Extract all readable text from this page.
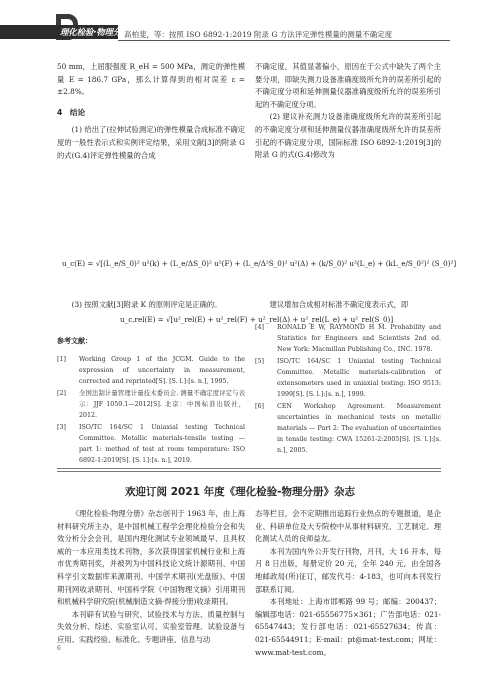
理化检验·物理分册
高柏斐，等：按照 ISO 6892-1:2019 附录 G 方法评定弹性模量的测量不确定度

50 mm，上屈服强度 R_eH = 500 MPa，测定的弹性模量 E = 186.7 GPa，那么计算得到的相对误差 ε = ±2.8%。

4　结论

(1) 给出了(拉伸试验测定)的弹性模量合成标准不确定度的一般性表示式和实例评定结果，采用文献[3]的附录 G 的式(G.4)评定弹性模量的合成

不确定度，其值显著偏小，原因在于公式中缺失了两个主要分项，即缺失测力设备准确度级所允许的误差所引起的不确定度分项和延伸测量仪器准确度级所允许的误差所引起的不确定度分项。

(2) 建议补充测力设备准确度级所允许的误差所引起的不确定度分项和延伸测量仪器准确度级所允许的误差所引起的不确定度分项，国际标准 ISO 6892-1:2019[3]的附录 G 的式(G.4)修改为

u_c(E) = √[(L_e/S_0)² u²(k) + (L_e/ΔS_0)² u²(F) + (L_e/Δ²S_0)² u²(Δ) + (k/S_0)² u²(L_e) + (kL_e/S_0²)² (S_0)²]

(3) 按照文献[3]附录 K 的原则评定是正确的。	建议增加合成相对标准不确定度表示式，即

u_c,rel(E) = √[u²_rel(E) + u²_rel(F) + u²_rel(Δ) + u²_rel(L_e) + u²_rel(S_0)]
参考文献：
[1]	Working Group 1 of the JCGM. Guide to the expression of uncertainty in measurement, corrected and reprinted[S]. [S. l.]:[s. n.], 1995.
[2]	全国法制计量管理计量技术委员会. 测量不确定度评定与表示：JJF 1059.1—2012[S]. 北京：中国标准出版社，2012.
[3]	ISO/TC 164/SC 1 Uniaxial testing Technical Committee. Metallic materials-tensile testing — part 1: method of test at room temperature: ISO 6892-1:2019[S]. [S. l.]:[s. n.], 2019.
[4]	RONALD E W, RAYMOND H M. Probability and Statistics for Engineers and Scientists 2nd ed. New York: Macmillan Publishing Co., INC. 1978.
[5]	ISO/TC 164/SC 1 Uniaxial testing Technical Committee. Metallic materials-calibration of extensometers used in uniaxial testing: ISO 9513: 1999[S]. [S. l.]:[s. n.], 1999.
[6]	CEN Workshop Agreement. Measurement uncertainties in mechanical tests on metallic materials — Part 2: The evaluation of uncertainties in tensile testing: CWA 15261-2:2005[S]. [S. l.]:[s. n.], 2005.
欢迎订阅 2021 年度《理化检验-物理分册》杂志

《理化检验-物理分册》杂志创刊于 1963 年，由上海材料研究所主办，是中国机械工程学会理化检验分会和失效分析分会会刊，是国内理化测试专业领域最早、且具权威的一本应用类技术刊物，多次获得国家机械行业和上海市优秀期刊奖，并被列为中国科技论文统计源期刊、中国科学引文数据库来源期刊、中国学术期刊(光盘版)、中国期刊网收录期刊、中国科学院《中国物理文摘》引用期刊和机械科学研究院(机械制造文摘·焊接分册)收录期刊。

本刊辟有试验与研究、试验技术与方法、质量控制与失效分析、综述、实验室认可、实验室管理、试验设备与应用、实践经验、标准化、专题讲座、信息与动

态等栏目，会不定期推出追踪行业热点的专题报道，是企业、科研单位及大专院校中从事材料研究、工艺制定、理化测试人员的良师益友。

本刊为国内外公开发行刊物，月刊，大 16 开本，每月 8 日出版，每册定价 20 元，全年 240 元，由全国各地邮政局(所)征订，邮发代号：4-183，也可向本刊发行部联系订阅。

本刊地址：上海市邯郸路 99 号；邮编：200437；编辑部电话：021-65556775×361；广告部电话：021-65547443；发行部电话：021-65527634；传真：021-65544911；E-mail：pt@mat-test.com；网址：www.mat-test.com。

6
